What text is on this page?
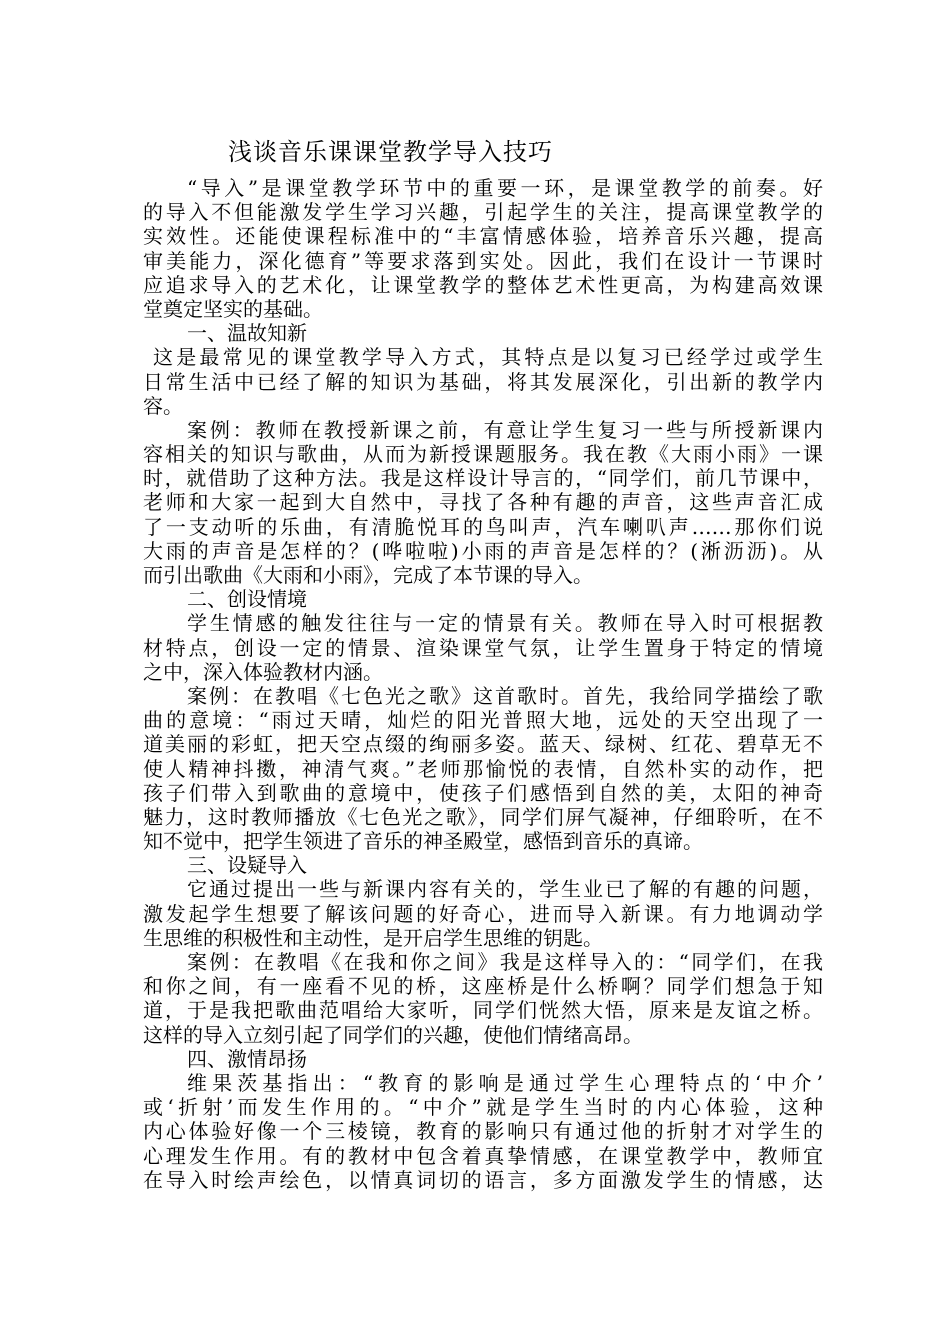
浅谈音乐课课堂教学导入技巧
“导入”是课堂教学环节中的重要一环，是课堂教学的前奏。好
的导入不但能激发学生学习兴趣，引起学生的关注，提高课堂教学的
实效性。还能使课程标准中的“丰富情感体验，培养音乐兴趣，提高
审美能力，深化德育”等要求落到实处。因此，我们在设计一节课时
应追求导入的艺术化，让课堂教学的整体艺术性更高，为构建高效课
堂奠定坚实的基础。
一、温故知新
这是最常见的课堂教学导入方式，其特点是以复习已经学过或学生
日常生活中已经了解的知识为基础，将其发展深化，引出新的教学内
容。
案例：教师在教授新课之前，有意让学生复习一些与所授新课内
容相关的知识与歌曲，从而为新授课题服务。我在教《大雨小雨》一课
时，就借助了这种方法。我是这样设计导言的，“同学们，前几节课中，
老师和大家一起到大自然中，寻找了各种有趣的声音，这些声音汇成
了一支动听的乐曲，有清脆悦耳的鸟叫声，汽车喇叭声……那你们说
大雨的声音是怎样的？(哗啦啦)小雨的声音是怎样的？(淅沥沥)。从
而引出歌曲《大雨和小雨》，完成了本节课的导入。
二、创设情境
学生情感的触发往往与一定的情景有关。教师在导入时可根据教
材特点，创设一定的情景、渲染课堂气氛，让学生置身于特定的情境
之中，深入体验教材内涵。
案例：在教唱《七色光之歌》这首歌时。首先，我给同学描绘了歌
曲的意境：“雨过天晴，灿烂的阳光普照大地，远处的天空出现了一
道美丽的彩虹，把天空点缀的绚丽多姿。蓝天、绿树、红花、碧草无不
使人精神抖擞，神清气爽。”老师那愉悦的表情，自然朴实的动作，把
孩子们带入到歌曲的意境中，使孩子们感悟到自然的美，太阳的神奇
魅力，这时教师播放《七色光之歌》，同学们屏气凝神，仔细聆听，在不
知不觉中，把学生领进了音乐的神圣殿堂，感悟到音乐的真谛。
三、设疑导入
它通过提出一些与新课内容有关的，学生业已了解的有趣的问题，
激发起学生想要了解该问题的好奇心，进而导入新课。有力地调动学
生思维的积极性和主动性，是开启学生思维的钥匙。
案例：在教唱《在我和你之间》我是这样导入的：“同学们，在我
和你之间，有一座看不见的桥，这座桥是什么桥啊？同学们想急于知
道，于是我把歌曲范唱给大家听，同学们恍然大悟，原来是友谊之桥。
这样的导入立刻引起了同学们的兴趣，使他们情绪高昂。
四、激情昂扬
维果茨基指出：“教育的影响是通过学生心理特点的‘中介’
或‘折射’而发生作用的。“中介”就是学生当时的内心体验，这种
内心体验好像一个三棱镜，教育的影响只有通过他的折射才对学生的
心理发生作用。有的教材中包含着真挚情感，在课堂教学中，教师宜
在导入时绘声绘色，以情真词切的语言，多方面激发学生的情感，达
